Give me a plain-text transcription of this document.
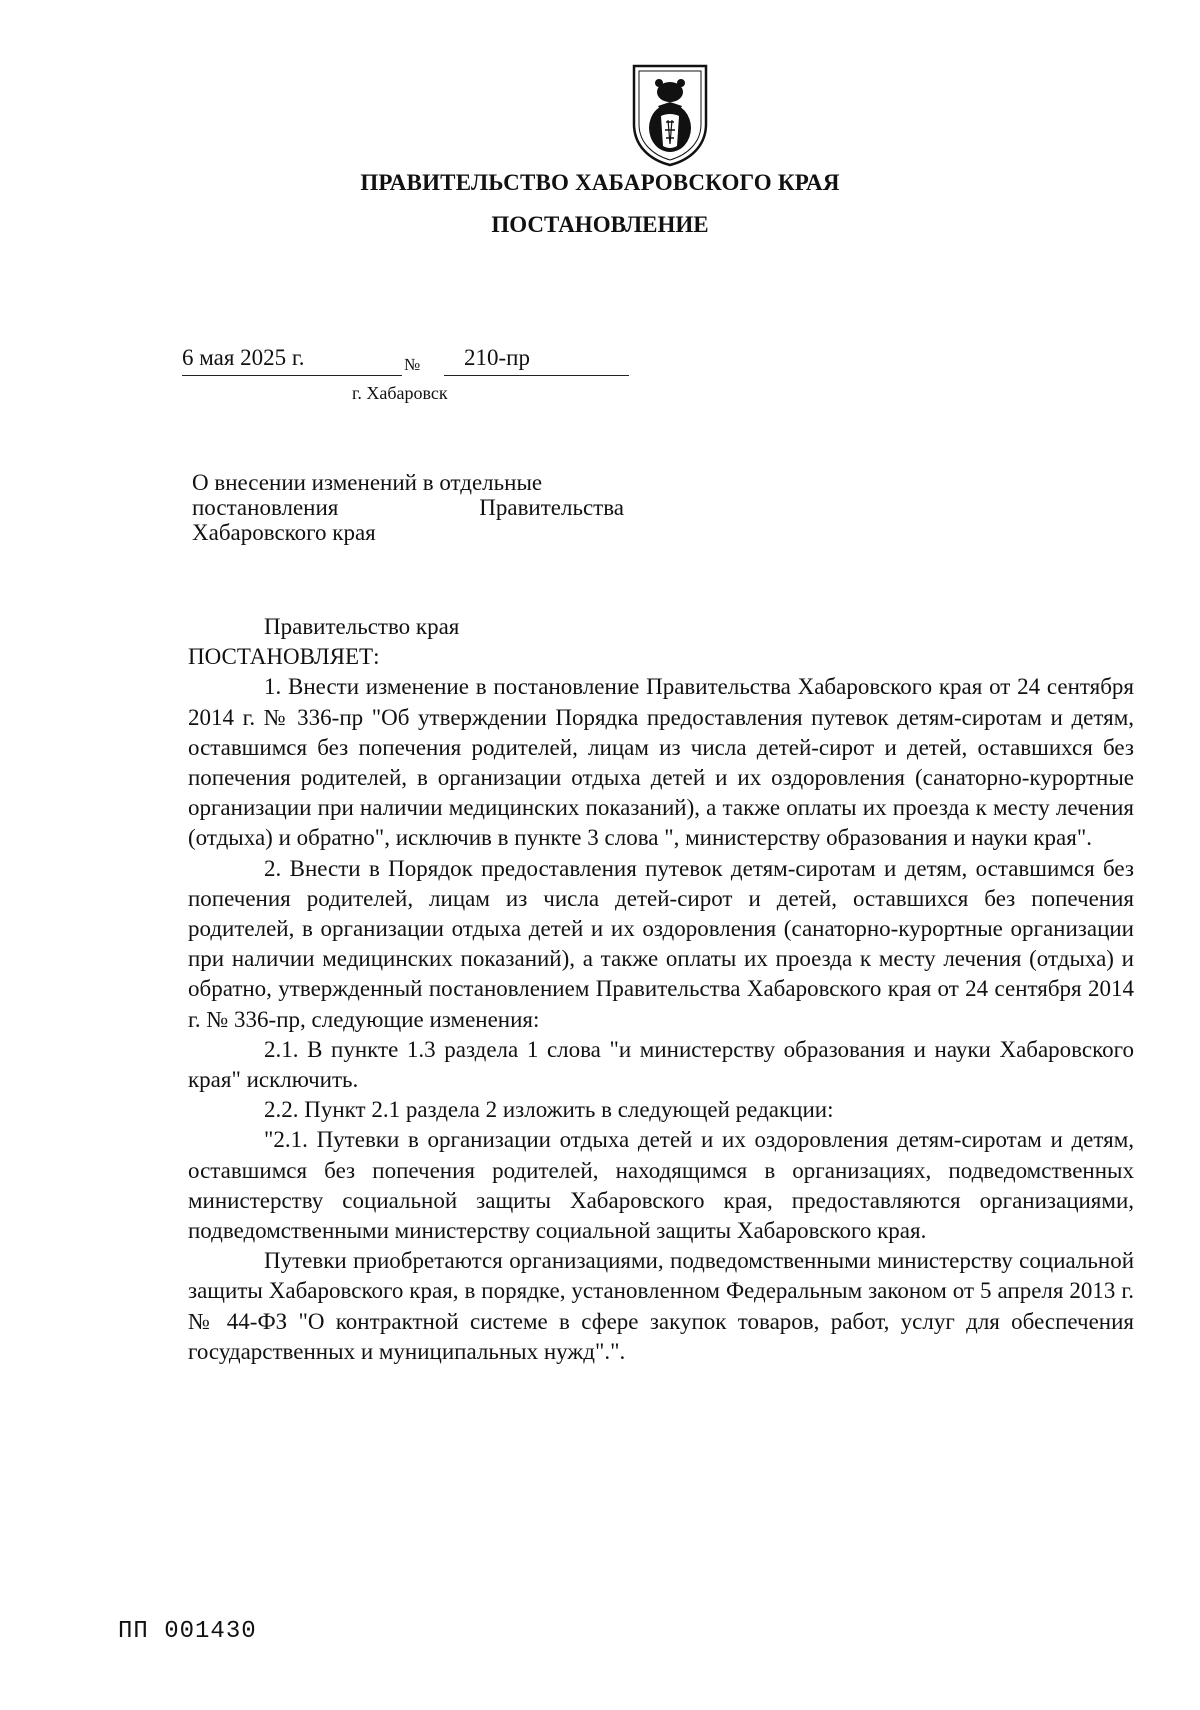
ПРАВИТЕЛЬСТВО ХАБАРОВСКОГО КРАЯ
ПОСТАНОВЛЕНИЕ
6 мая 2025 г.	№ 210-пр
г. Хабаровск
О внесении изменений в отдельные
постановления Правительства
Хабаровского края

Правительство края

ПОСТАНОВЛЯЕТ:

1. Внести изменение в постановление Правительства Хабаровского края от 24 сентября 2014 г. № 336-пр "Об утверждении Порядка предоставления путевок детям-сиротам и детям, оставшимся без попечения родителей, лицам из числа детей-сирот и детей, оставшихся без попечения родителей, в организации отдыха детей и их оздоровления (санаторно-курортные организации при наличии медицинских показаний), а также оплаты их проезда к месту лечения (отдыха) и обратно", исключив в пункте 3 слова ", министерству образования и науки края".

2. Внести в Порядок предоставления путевок детям-сиротам и детям, оставшимся без попечения родителей, лицам из числа детей-сирот и детей, оставшихся без попечения родителей, в организации отдыха детей и их оздоровления (санаторно-курортные организации при наличии медицинских показаний), а также оплаты их проезда к месту лечения (отдыха) и обратно, утвержденный постановлением Правительства Хабаровского края от 24 сентября 2014 г. № 336-пр, следующие изменения:

2.1. В пункте 1.3 раздела 1 слова "и министерству образования и науки Хабаровского края" исключить.

2.2. Пункт 2.1 раздела 2 изложить в следующей редакции:

"2.1. Путевки в организации отдыха детей и их оздоровления детям-сиротам и детям, оставшимся без попечения родителей, находящимся в организациях, подведомственных министерству социальной защиты Хабаровского края, предоставляются организациями, подведомственными министерству социальной защиты Хабаровского края.

Путевки приобретаются организациями, подведомственными министерству социальной защиты Хабаровского края, в порядке, установленном Федеральным законом от 5 апреля 2013 г. № 44-ФЗ "О контрактной системе в сфере закупок товаров, работ, услуг для обеспечения государственных и муниципальных нужд".".

ПП 001430
